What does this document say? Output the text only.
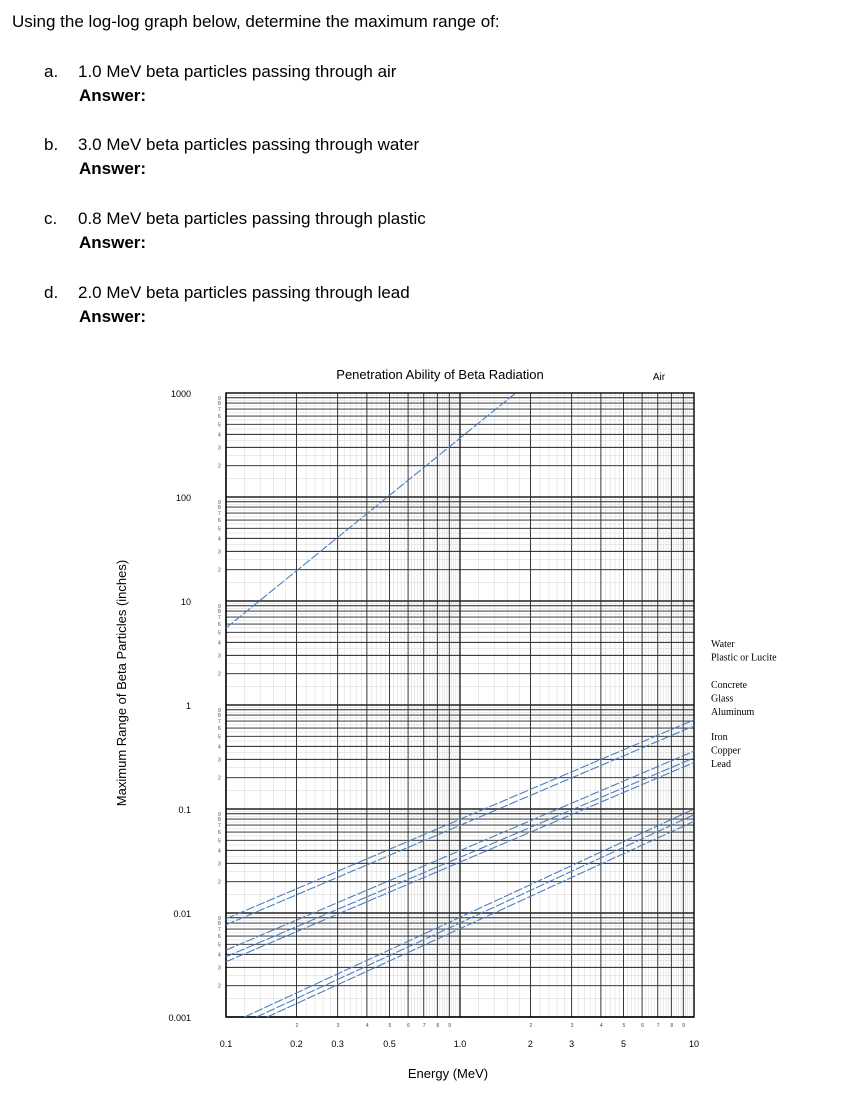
Using the log-log graph below, determine the maximum range of:
a. 1.0 MeV beta particles passing through air
Answer:
b. 3.0 MeV beta particles passing through water
Answer:
c. 0.8 MeV beta particles passing through plastic
Answer:
d. 2.0 MeV beta particles passing through lead
Answer:
2
3
4
5
6
7
8
9
2
3
4
5
6
7
8
9
2
3
4
5
6
7
8
9
2
3
4
5
6
7
8
9
2
3
4
5
6
7
8
9
2
3
4
5
6
7
8
9
2	3	4	5	6	7 8 9	2	3	4	5	6	7 8 9
1000
100
10
1
0.1
0.01
0.001
0.1	0.2	0.3	0.5	1.0	2	3	5	10
Penetration Ability of Beta Radiation	Air
Energy (MeV)
Maximum Range of Beta Particles (inches)	Water
Plastic or Lucite
Concrete
Glass
Aluminum
Iron
Copper
Lead
